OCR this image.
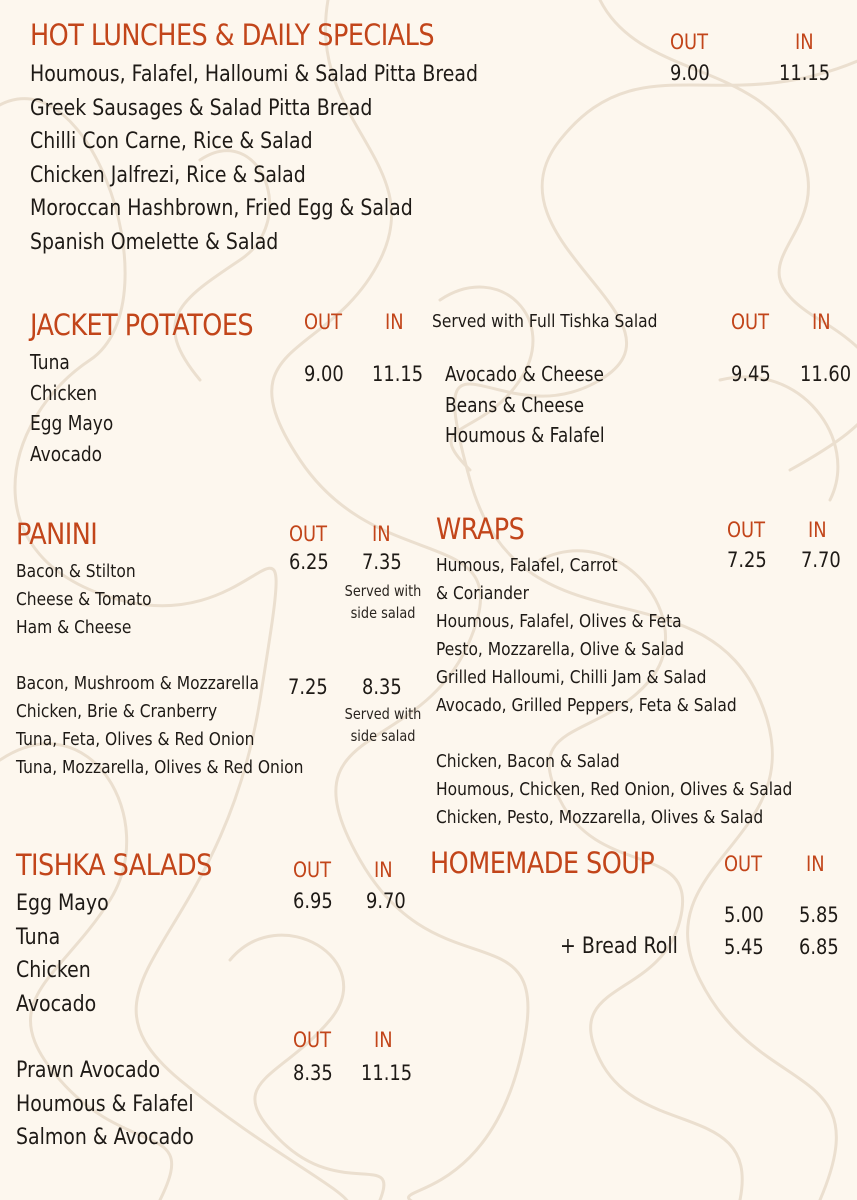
HOT LUNCHES & DAILY SPECIALS	OUT	IN
9.00	11.15
Houmous, Falafel, Halloumi & Salad Pitta Bread
Greek Sausages & Salad Pitta Bread
Chilli Con Carne, Rice & Salad
Chicken Jalfrezi, Rice & Salad
Moroccan Hashbrown, Fried Egg & Salad
Spanish Omelette & Salad
JACKET POTATOES OUT IN
9.00 11.15
Tuna
Chicken
Egg Mayo
Avocado
Served with Full Tishka Salad	OUT IN
9.45 11.60
Avocado & Cheese
Beans & Cheese
Houmous & Falafel
PANINI	OUT IN
6.25 7.35
Served with side salad
Bacon & Stilton
Cheese & Tomato
Ham & Cheese
7.25 8.35
Served with side salad
Bacon, Mushroom & Mozzarella
Chicken, Brie & Cranberry
Tuna, Feta, Olives & Red Onion
Tuna, Mozzarella, Olives & Red Onion
WRAPS	OUT IN
7.25 7.70
Humous, Falafel, Carrot
& Coriander
Houmous, Falafel, Olives & Feta
Pesto, Mozzarella, Olive & Salad
Grilled Halloumi, Chilli Jam & Salad
Avocado, Grilled Peppers, Feta & Salad
Chicken, Bacon & Salad
Houmous, Chicken, Red Onion, Olives & Salad
Chicken, Pesto, Mozzarella, Olives & Salad
TISHKA SALADS	OUT IN
6.95 9.70
Egg Mayo
Tuna
Chicken
Avocado
OUT IN
8.35 11.15
Prawn Avocado
Houmous & Falafel
Salmon & Avocado
HOMEMADE SOUP	OUT IN
5.00 5.85
+ Bread Roll 5.45 6.85
